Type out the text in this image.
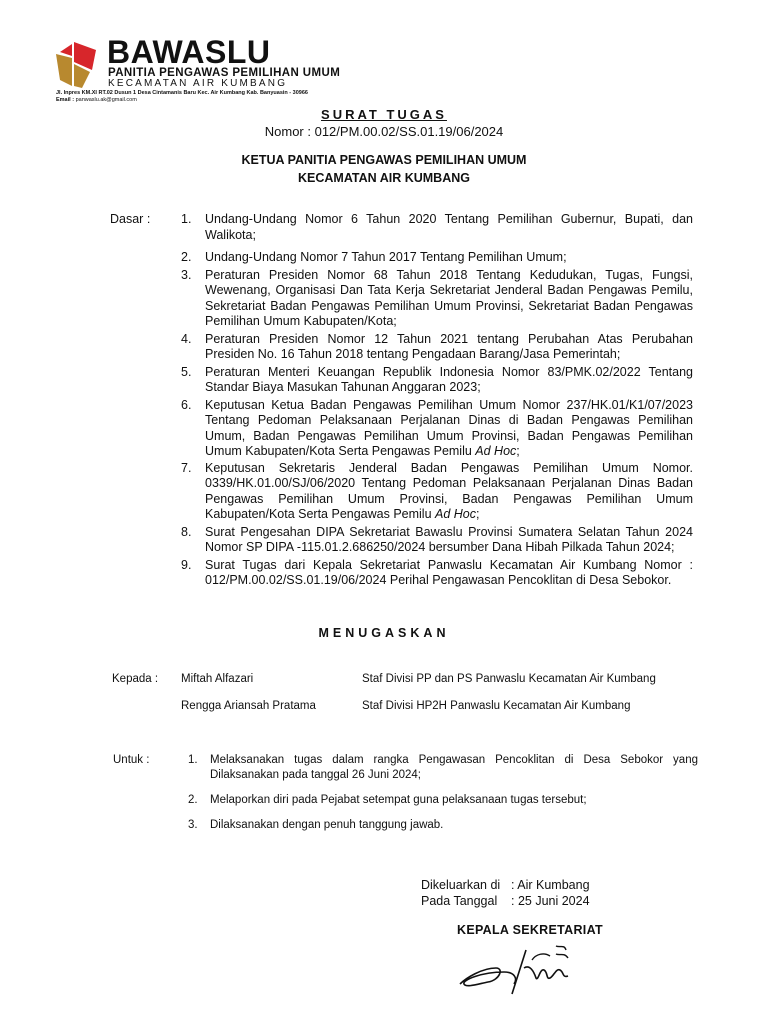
BAWASLU
PANITIA PENGAWAS PEMILIHAN UMUM
KECAMATAN AIR KUMBANG
Jl. Inpres KM.XI RT.02 Dusun 1 Desa Cintamanis Baru Kec. Air Kumbang Kab. Banyuasin - 30966
Email : panwaslu.ak@gmail.com
SURAT TUGAS
Nomor : 012/PM.00.02/SS.01.19/06/2024
KETUA PANITIA PENGAWAS PEMILIHAN UMUM
KECAMATAN AIR KUMBANG
Dasar : 1.	Undang-Undang Nomor 6 Tahun 2020 Tentang Pemilihan Gubernur, Bupati, dan Walikota;
2.	Undang-Undang Nomor 7 Tahun 2017 Tentang Pemilihan Umum;
3.	Peraturan Presiden Nomor 68 Tahun 2018 Tentang Kedudukan, Tugas, Fungsi, Wewenang, Organisasi Dan Tata Kerja Sekretariat Jenderal Badan Pengawas Pemilu, Sekretariat Badan Pengawas Pemilihan Umum Provinsi, Sekretariat Badan Pengawas Pemilihan Umum Kabupaten/Kota;
4.	Peraturan Presiden Nomor 12 Tahun 2021 tentang Perubahan Atas Perubahan Presiden No. 16 Tahun 2018 tentang Pengadaan Barang/Jasa Pemerintah;
5.	Peraturan Menteri Keuangan Republik Indonesia Nomor 83/PMK.02/2022 Tentang Standar Biaya Masukan Tahunan Anggaran 2023;
6.	Keputusan Ketua Badan Pengawas Pemilihan Umum Nomor 237/HK.01/K1/07/2023 Tentang Pedoman Pelaksanaan Perjalanan Dinas di Badan Pengawas Pemilihan Umum, Badan Pengawas Pemilihan Umum Provinsi, Badan Pengawas Pemilihan Umum Kabupaten/Kota Serta Pengawas Pemilu Ad Hoc;
7.	Keputusan Sekretaris Jenderal Badan Pengawas Pemilihan Umum Nomor. 0339/HK.01.00/SJ/06/2020 Tentang Pedoman Pelaksanaan Perjalanan Dinas Badan Pengawas Pemilihan Umum Provinsi, Badan Pengawas Pemilihan Umum Kabupaten/Kota Serta Pengawas Pemilu Ad Hoc;
8.	Surat Pengesahan DIPA Sekretariat Bawaslu Provinsi Sumatera Selatan Tahun 2024 Nomor SP DIPA -115.01.2.686250/2024 bersumber Dana Hibah Pilkada Tahun 2024;
9.	Surat Tugas dari Kepala Sekretariat Panwaslu Kecamatan Air Kumbang Nomor : 012/PM.00.02/SS.01.19/06/2024 Perihal Pengawasan Pencoklitan di Desa Sebokor.
MENUGASKAN
Kepada : Miftah Alfazari	Staf Divisi PP dan PS Panwaslu Kecamatan Air Kumbang
Rengga Ariansah Pratama	Staf Divisi HP2H Panwaslu Kecamatan Air Kumbang
Untuk :	1.	Melaksanakan tugas dalam rangka Pengawasan Pencoklitan di Desa Sebokor yang Dilaksanakan pada tanggal 26 Juni 2024;
2.	Melaporkan diri pada Pejabat setempat guna pelaksanaan tugas tersebut;
3.	Dilaksanakan dengan penuh tanggung jawab.
Dikeluarkan di : Air Kumbang
Pada Tanggal : 25 Juni 2024
KEPALA SEKRETARIAT
